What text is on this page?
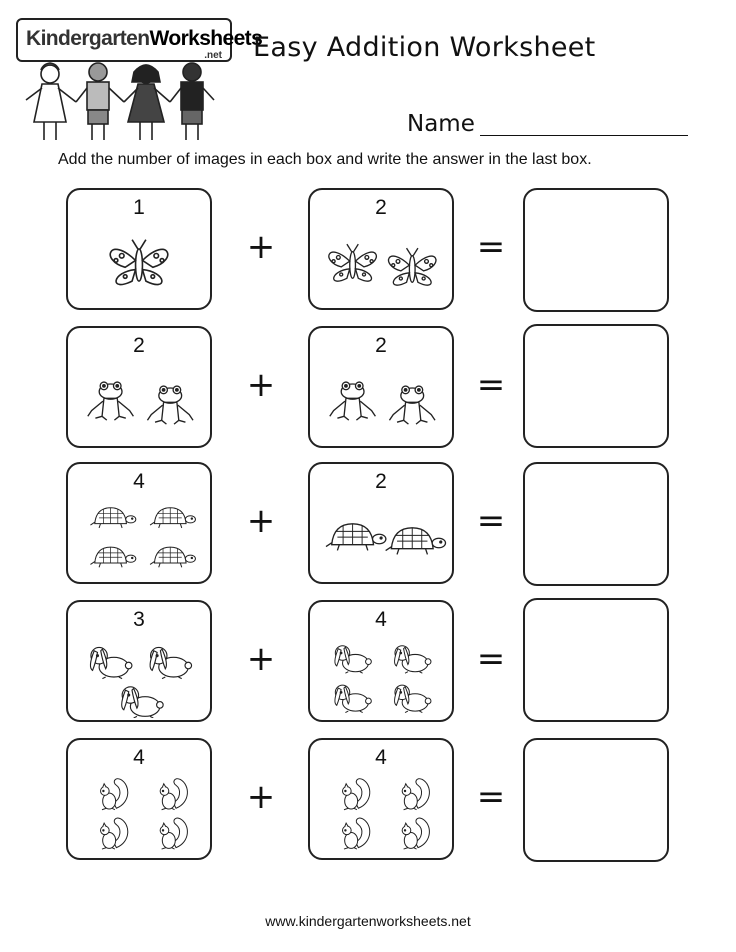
KindergartenWorksheets
.net Easy Addition Worksheet
Name
Add the number of images in each box and write the answer in the last box.
1
+
2
=
2
+
2
=
4
+
2
=
3
+
4
=
4
+
4
=
www.kindergartenworksheets.net
